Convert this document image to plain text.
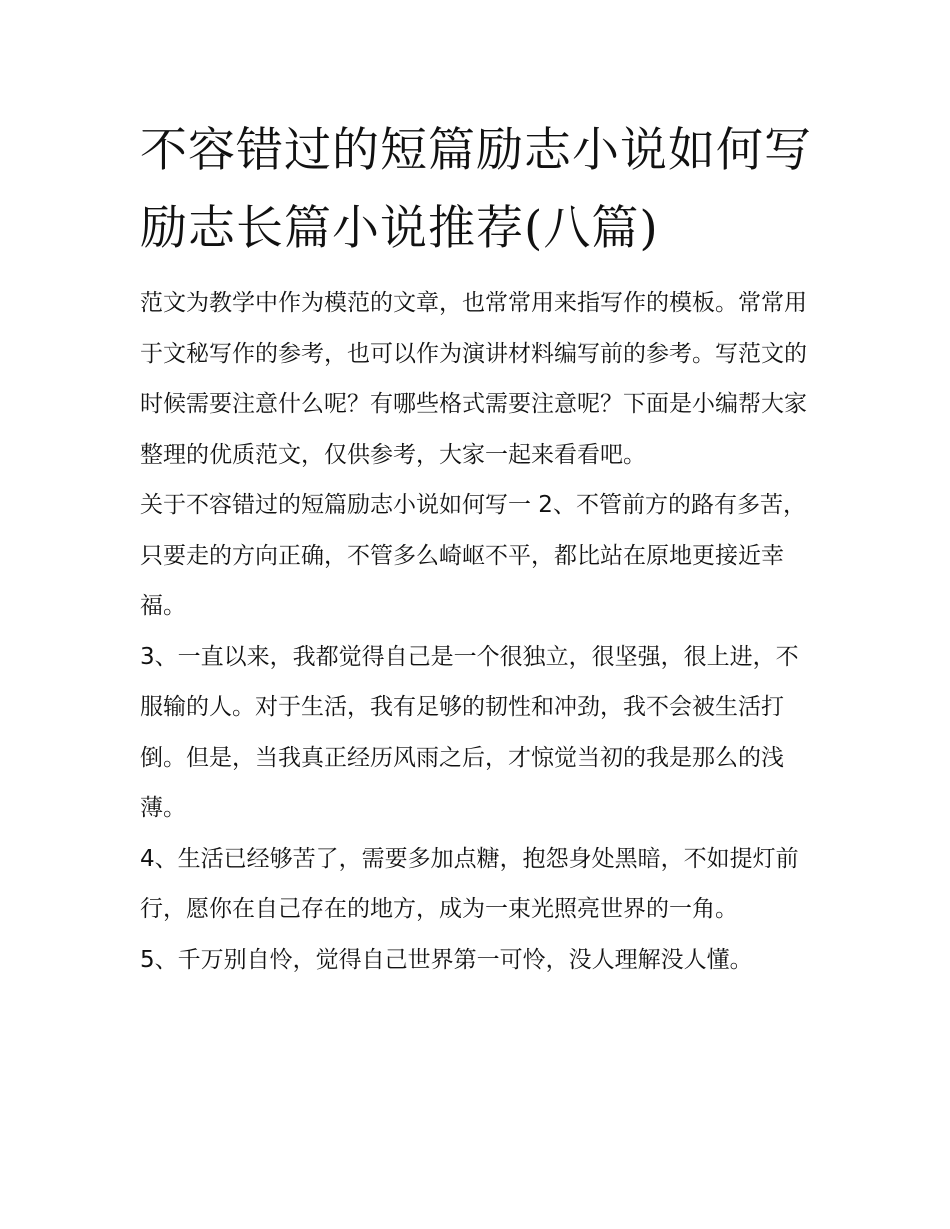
不容错过的短篇励志小说如何写 励志长篇小说推荐(八篇)

范文为教学中作为模范的文章，也常常用来指写作的模板。常常用于文秘写作的参考，也可以作为演讲材料编写前的参考。写范文的时候需要注意什么呢？有哪些格式需要注意呢？下面是小编帮大家整理的优质范文，仅供参考，大家一起来看看吧。

关于不容错过的短篇励志小说如何写一 2、不管前方的路有多苦，只要走的方向正确，不管多么崎岖不平，都比站在原地更接近幸福。

3、一直以来，我都觉得自己是一个很独立，很坚强，很上进，不服输的人。对于生活，我有足够的韧性和冲劲，我不会被生活打倒。但是，当我真正经历风雨之后，才惊觉当初的我是那么的浅薄。

4、生活已经够苦了，需要多加点糖，抱怨身处黑暗，不如提灯前行，愿你在自己存在的地方，成为一束光照亮世界的一角。

5、千万别自怜，觉得自己世界第一可怜，没人理解没人懂。
